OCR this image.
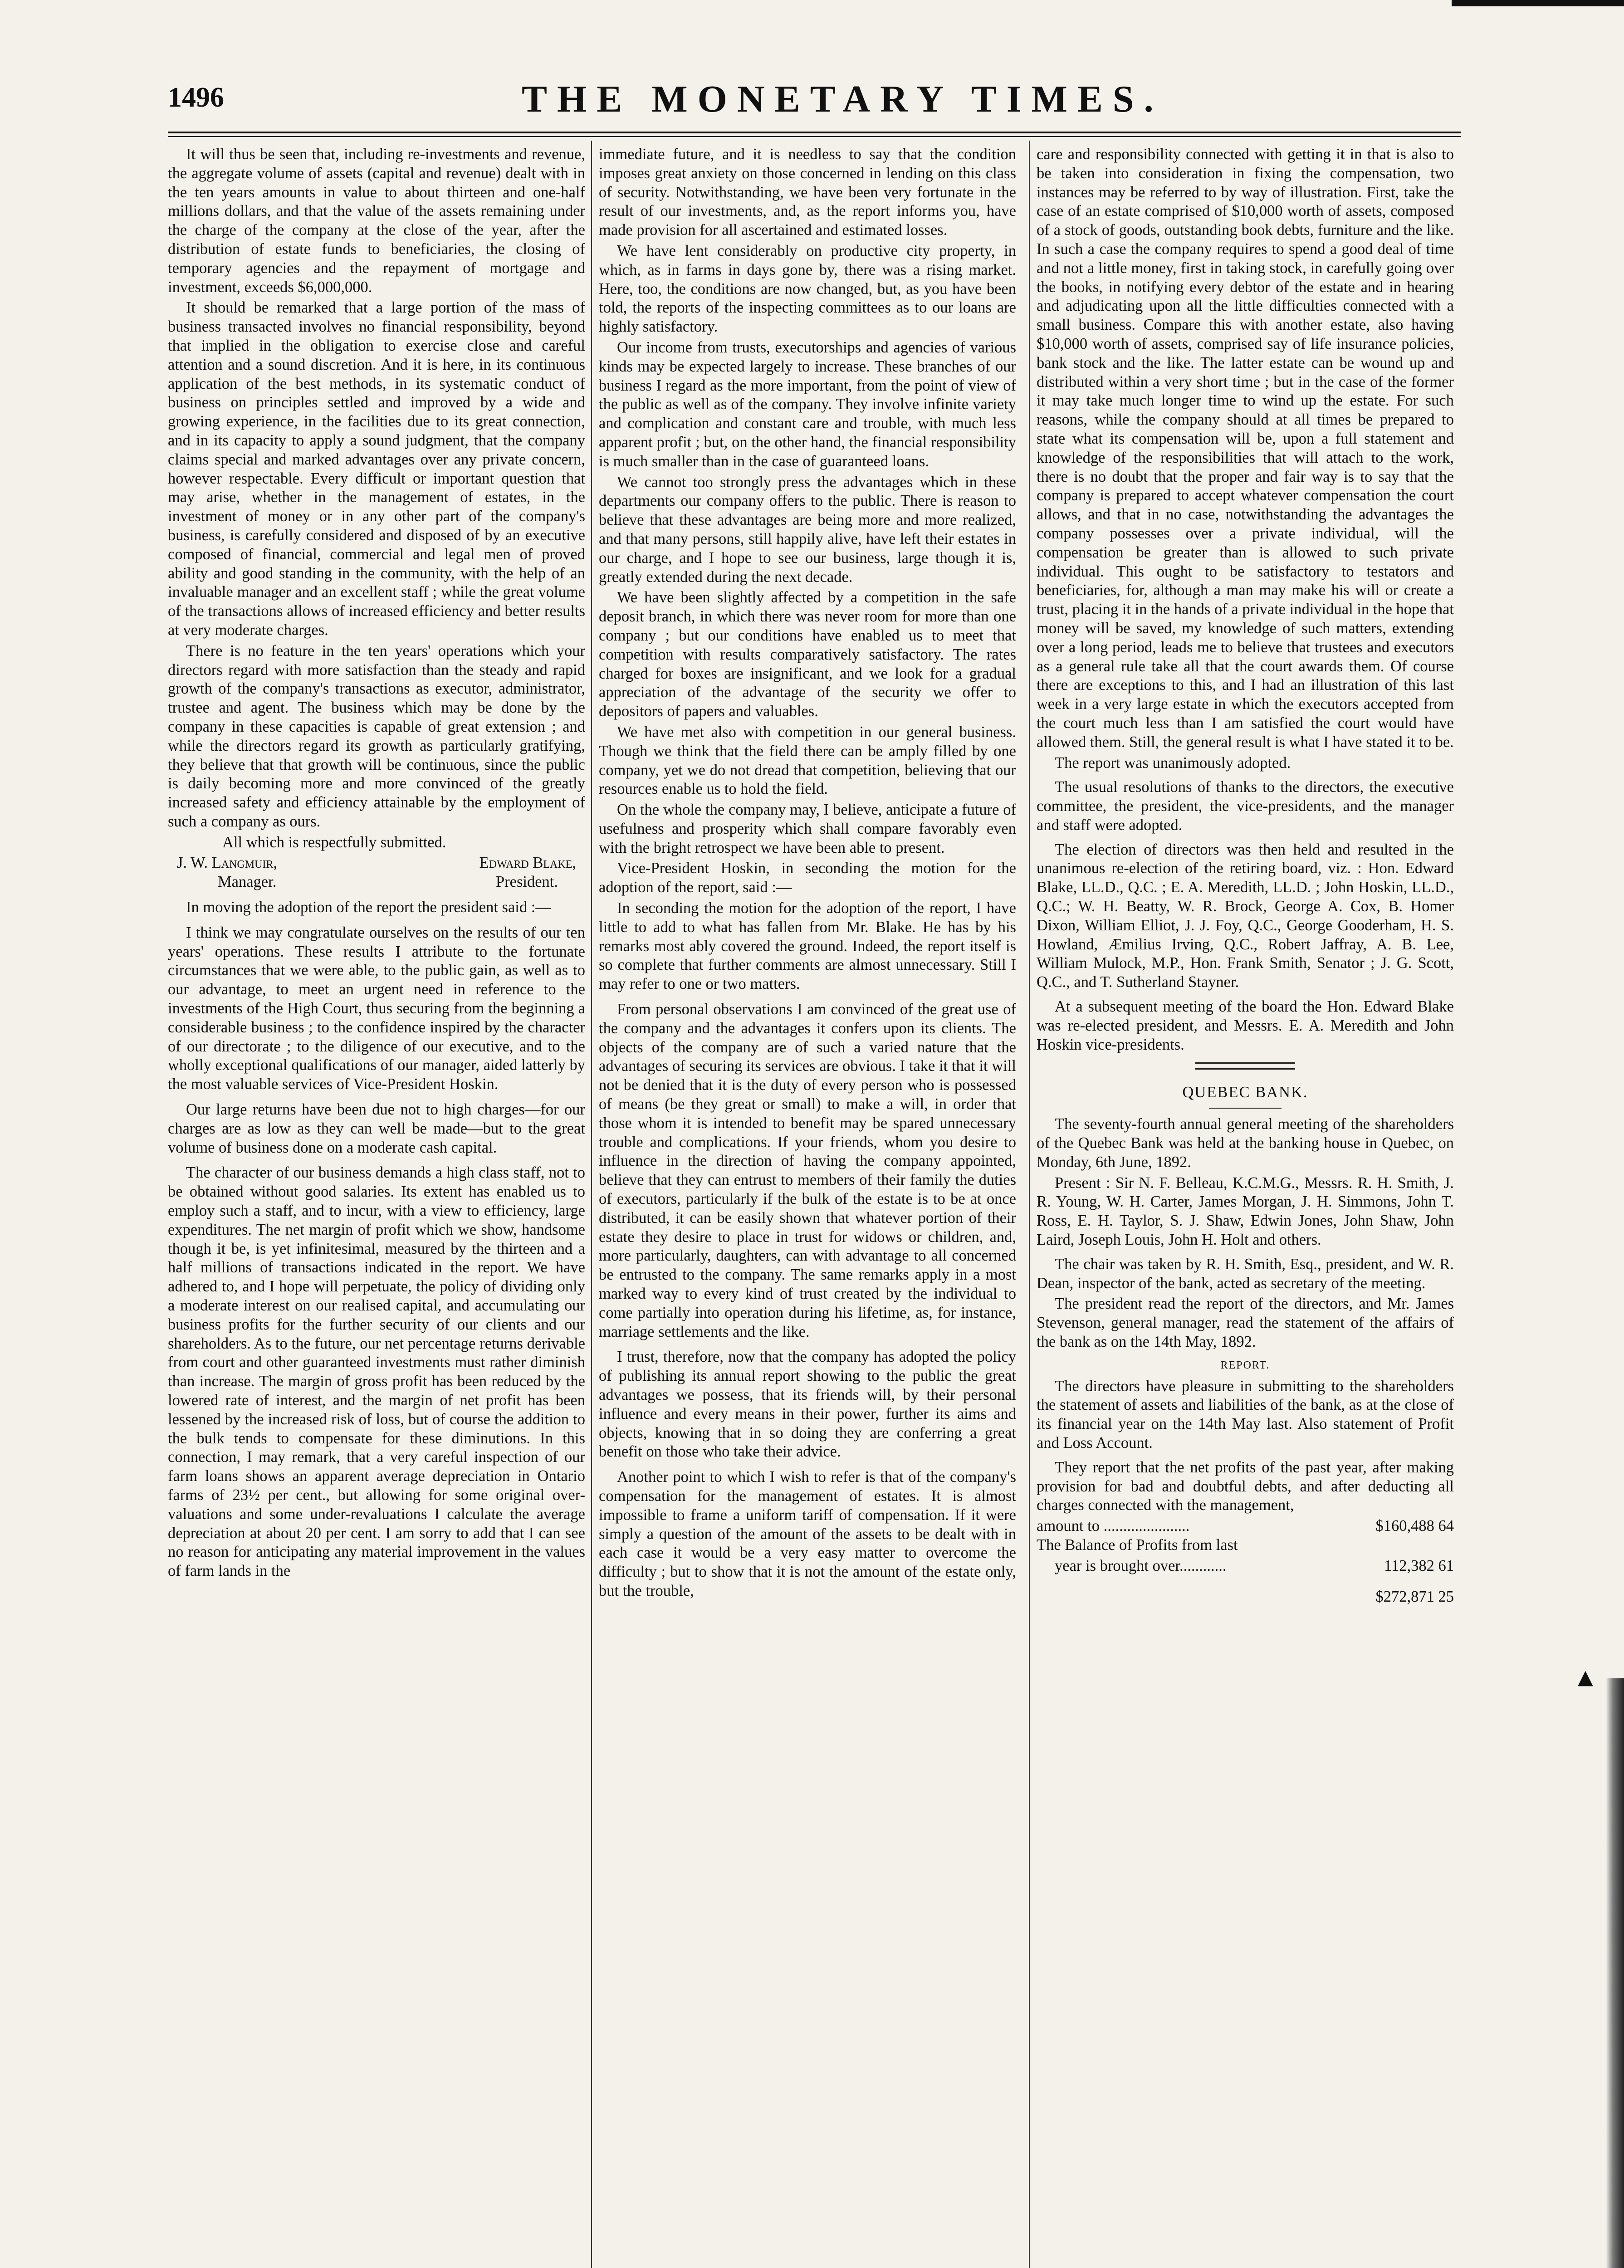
1496	THE MONETARY TIMES.

It will thus be seen that, including re-investments and revenue, the aggregate volume of assets (capital and revenue) dealt with in the ten years amounts in value to about thirteen and one-half millions dollars, and that the value of the assets remaining under the charge of the company at the close of the year, after the distribution of estate funds to beneficiaries, the closing of temporary agencies and the repayment of mortgage and investment, exceeds $6,000,000.

It should be remarked that a large portion of the mass of business transacted involves no financial responsibility, beyond that implied in the obligation to exercise close and careful attention and a sound discretion. And it is here, in its continuous application of the best methods, in its systematic conduct of business on principles settled and improved by a wide and growing experience, in the facilities due to its great connection, and in its capacity to apply a sound judgment, that the company claims special and marked advantages over any private concern, however respectable. Every difficult or important question that may arise, whether in the management of estates, in the investment of money or in any other part of the company's business, is carefully considered and disposed of by an executive composed of financial, commercial and legal men of proved ability and good standing in the community, with the help of an invaluable manager and an excellent staff ; while the great volume of the transactions allows of increased efficiency and better results at very moderate charges.

There is no feature in the ten years' operations which your directors regard with more satisfaction than the steady and rapid growth of the company's transactions as executor, administrator, trustee and agent. The business which may be done by the company in these capacities is capable of great extension ; and while the directors regard its growth as particularly gratifying, they believe that that growth will be continuous, since the public is daily becoming more and more convinced of the greatly increased safety and efficiency attainable by the employment of such a company as ours.

All which is respectfully submitted.

J. W. Langmuir,	Edward Blake,
Manager.	President.

In moving the adoption of the report the president said :—

I think we may congratulate ourselves on the results of our ten years' operations. These results I attribute to the fortunate circumstances that we were able, to the public gain, as well as to our advantage, to meet an urgent need in reference to the investments of the High Court, thus securing from the beginning a considerable business ; to the confidence inspired by the character of our directorate ; to the diligence of our executive, and to the wholly exceptional qualifications of our manager, aided latterly by the most valuable services of Vice-President Hoskin.

Our large returns have been due not to high charges—for our charges are as low as they can well be made—but to the great volume of business done on a moderate cash capital.

The character of our business demands a high class staff, not to be obtained without good salaries. Its extent has enabled us to employ such a staff, and to incur, with a view to efficiency, large expenditures. The net margin of profit which we show, handsome though it be, is yet infinitesimal, measured by the thirteen and a half millions of transactions indicated in the report. We have adhered to, and I hope will perpetuate, the policy of dividing only a moderate interest on our realised capital, and accumulating our business profits for the further security of our clients and our shareholders. As to the future, our net percentage returns derivable from court and other guaranteed investments must rather diminish than increase. The margin of gross profit has been reduced by the lowered rate of interest, and the margin of net profit has been lessened by the increased risk of loss, but of course the addition to the bulk tends to compensate for these diminutions. In this connection, I may remark, that a very careful inspection of our farm loans shows an apparent average depreciation in Ontario farms of 23½ per cent., but allowing for some original over-valuations and some under-revaluations I calculate the average depreciation at about 20 per cent. I am sorry to add that I can see no reason for anticipating any material improvement in the values of farm lands in the

immediate future, and it is needless to say that the condition imposes great anxiety on those concerned in lending on this class of security. Notwithstanding, we have been very fortunate in the result of our investments, and, as the report informs you, have made provision for all ascertained and estimated losses.

We have lent considerably on productive city property, in which, as in farms in days gone by, there was a rising market. Here, too, the conditions are now changed, but, as you have been told, the reports of the inspecting committees as to our loans are highly satisfactory.

Our income from trusts, executorships and agencies of various kinds may be expected largely to increase. These branches of our business I regard as the more important, from the point of view of the public as well as of the company. They involve infinite variety and complication and constant care and trouble, with much less apparent profit ; but, on the other hand, the financial responsibility is much smaller than in the case of guaranteed loans.

We cannot too strongly press the advantages which in these departments our company offers to the public. There is reason to believe that these advantages are being more and more realized, and that many persons, still happily alive, have left their estates in our charge, and I hope to see our business, large though it is, greatly extended during the next decade.

We have been slightly affected by a competition in the safe deposit branch, in which there was never room for more than one company ; but our conditions have enabled us to meet that competition with results comparatively satisfactory. The rates charged for boxes are insignificant, and we look for a gradual appreciation of the advantage of the security we offer to depositors of papers and valuables.

We have met also with competition in our general business. Though we think that the field there can be amply filled by one company, yet we do not dread that competition, believing that our resources enable us to hold the field.

On the whole the company may, I believe, anticipate a future of usefulness and prosperity which shall compare favorably even with the bright retrospect we have been able to present.

Vice-President Hoskin, in seconding the motion for the adoption of the report, said :—

In seconding the motion for the adoption of the report, I have little to add to what has fallen from Mr. Blake. He has by his remarks most ably covered the ground. Indeed, the report itself is so complete that further comments are almost unnecessary. Still I may refer to one or two matters.

From personal observations I am convinced of the great use of the company and the advantages it confers upon its clients. The objects of the company are of such a varied nature that the advantages of securing its services are obvious. I take it that it will not be denied that it is the duty of every person who is possessed of means (be they great or small) to make a will, in order that those whom it is intended to benefit may be spared unnecessary trouble and complications. If your friends, whom you desire to influence in the direction of having the company appointed, believe that they can entrust to members of their family the duties of executors, particularly if the bulk of the estate is to be at once distributed, it can be easily shown that whatever portion of their estate they desire to place in trust for widows or children, and, more particularly, daughters, can with advantage to all concerned be entrusted to the company. The same remarks apply in a most marked way to every kind of trust created by the individual to come partially into operation during his lifetime, as, for instance, marriage settlements and the like.

I trust, therefore, now that the company has adopted the policy of publishing its annual report showing to the public the great advantages we possess, that its friends will, by their personal influence and every means in their power, further its aims and objects, knowing that in so doing they are conferring a great benefit on those who take their advice.

Another point to which I wish to refer is that of the company's compensation for the management of estates. It is almost impossible to frame a uniform tariff of compensation. If it were simply a question of the amount of the assets to be dealt with in each case it would be a very easy matter to overcome the difficulty ; but to show that it is not the amount of the estate only, but the trouble,

care and responsibility connected with getting it in that is also to be taken into consideration in fixing the compensation, two instances may be referred to by way of illustration. First, take the case of an estate comprised of $10,000 worth of assets, composed of a stock of goods, outstanding book debts, furniture and the like. In such a case the company requires to spend a good deal of time and not a little money, first in taking stock, in carefully going over the books, in notifying every debtor of the estate and in hearing and adjudicating upon all the little difficulties connected with a small business. Compare this with another estate, also having $10,000 worth of assets, comprised say of life insurance policies, bank stock and the like. The latter estate can be wound up and distributed within a very short time ; but in the case of the former it may take much longer time to wind up the estate. For such reasons, while the company should at all times be prepared to state what its compensation will be, upon a full statement and knowledge of the responsibilities that will attach to the work, there is no doubt that the proper and fair way is to say that the company is prepared to accept whatever compensation the court allows, and that in no case, notwithstanding the advantages the company possesses over a private individual, will the compensation be greater than is allowed to such private individual. This ought to be satisfactory to testators and beneficiaries, for, although a man may make his will or create a trust, placing it in the hands of a private individual in the hope that money will be saved, my knowledge of such matters, extending over a long period, leads me to believe that trustees and executors as a general rule take all that the court awards them. Of course there are exceptions to this, and I had an illustration of this last week in a very large estate in which the executors accepted from the court much less than I am satisfied the court would have allowed them. Still, the general result is what I have stated it to be.

The report was unanimously adopted.

The usual resolutions of thanks to the directors, the executive committee, the president, the vice-presidents, and the manager and staff were adopted.

The election of directors was then held and resulted in the unanimous re-election of the retiring board, viz. : Hon. Edward Blake, LL.D., Q.C. ; E. A. Meredith, LL.D. ; John Hoskin, LL.D., Q.C.; W. H. Beatty, W. R. Brock, George A. Cox, B. Homer Dixon, William Elliot, J. J. Foy, Q.C., George Gooderham, H. S. Howland, Æmilius Irving, Q.C., Robert Jaffray, A. B. Lee, William Mulock, M.P., Hon. Frank Smith, Senator ; J. G. Scott, Q.C., and T. Sutherland Stayner.

At a subsequent meeting of the board the Hon. Edward Blake was re-elected president, and Messrs. E. A. Meredith and John Hoskin vice-presidents.

QUEBEC BANK.

The seventy-fourth annual general meeting of the shareholders of the Quebec Bank was held at the banking house in Quebec, on Monday, 6th June, 1892.

Present : Sir N. F. Belleau, K.C.M.G., Messrs. R. H. Smith, J. R. Young, W. H. Carter, James Morgan, J. H. Simmons, John T. Ross, E. H. Taylor, S. J. Shaw, Edwin Jones, John Shaw, John Laird, Joseph Louis, John H. Holt and others.

The chair was taken by R. H. Smith, Esq., president, and W. R. Dean, inspector of the bank, acted as secretary of the meeting.

The president read the report of the directors, and Mr. James Stevenson, general manager, read the statement of the affairs of the bank as on the 14th May, 1892.

REPORT.

The directors have pleasure in submitting to the shareholders the statement of assets and liabilities of the bank, as at the close of its financial year on the 14th May last. Also statement of Profit and Loss Account.

They report that the net profits of the past year, after making provision for bad and doubtful debts, and after deducting all charges connected with the management,

amount to ......................	$160,488 64

The Balance of Profits from last

year is brought over............	112,382 61
$272,871 25
▲
